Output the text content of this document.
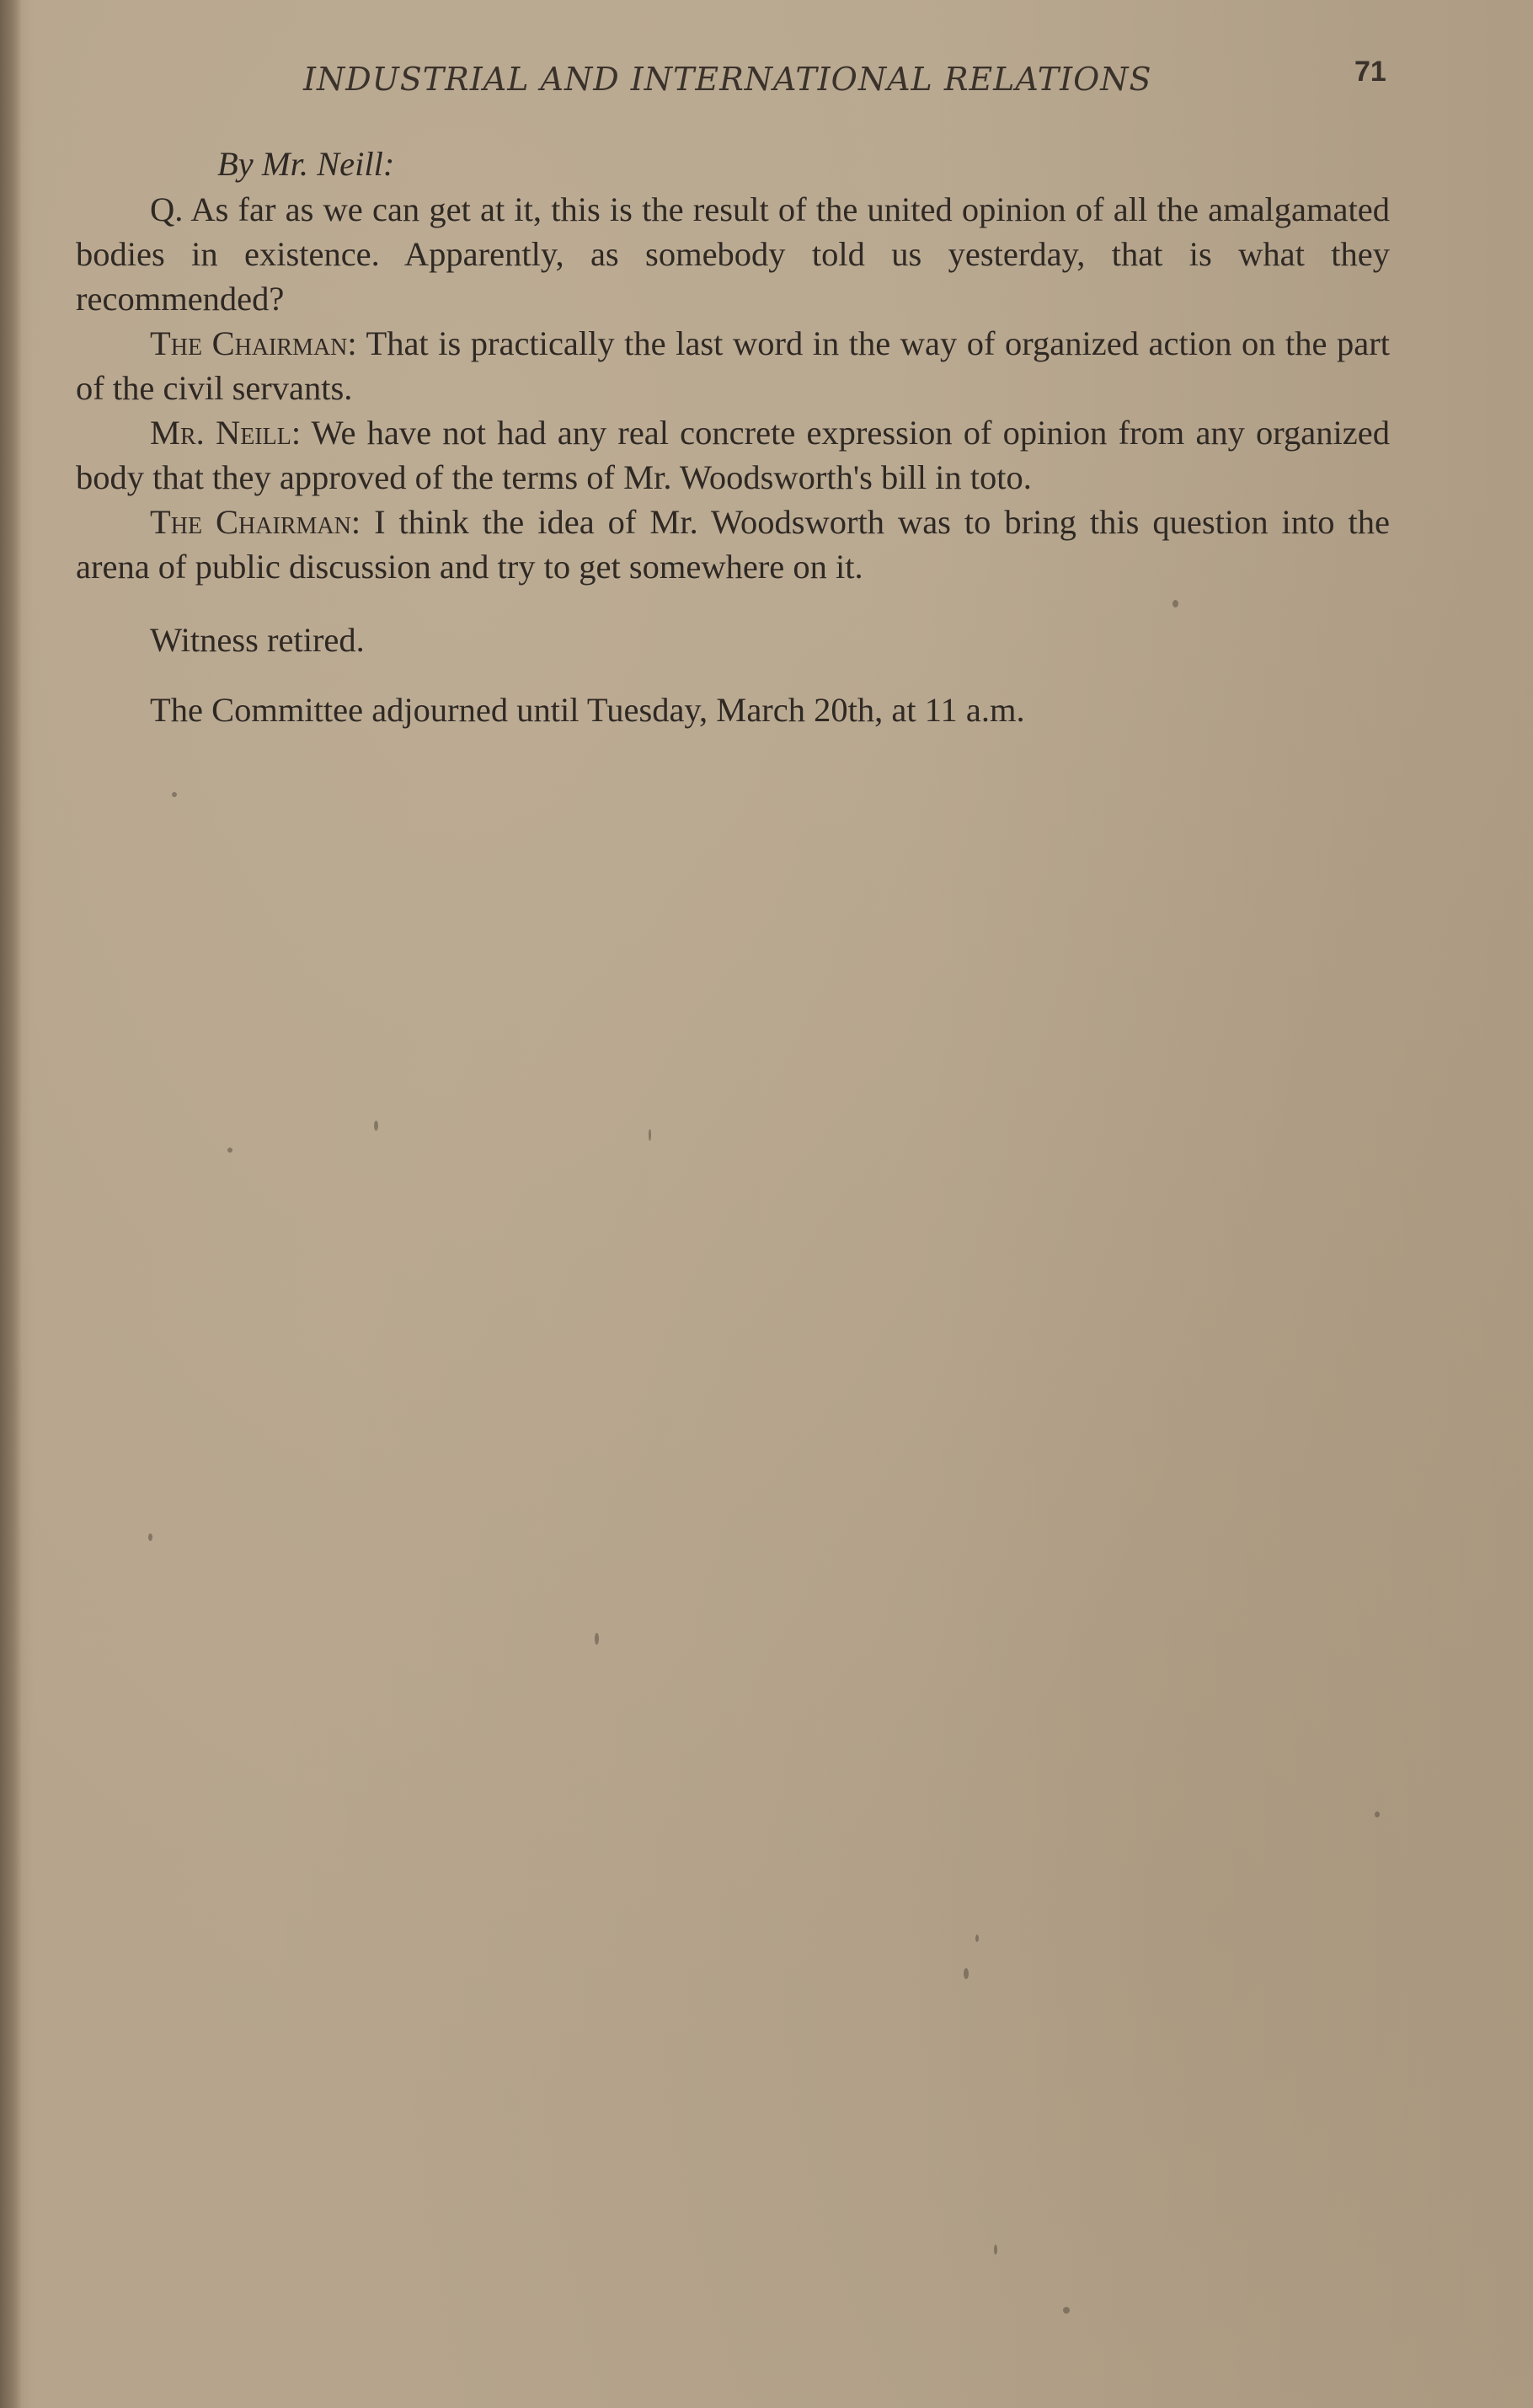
INDUSTRIAL AND INTERNATIONAL RELATIONS	71

By Mr. Neill:

Q. As far as we can get at it, this is the result of the united opinion of all the amalgamated bodies in existence. Apparently, as somebody told us yesterday, that is what they recommended?

The Chairman: That is practically the last word in the way of organized action on the part of the civil servants.

Mr. Neill: We have not had any real concrete expression of opinion from any organized body that they approved of the terms of Mr. Woodsworth's bill in toto.

The Chairman: I think the idea of Mr. Woodsworth was to bring this question into the arena of public discussion and try to get somewhere on it.

Witness retired.

The Committee adjourned until Tuesday, March 20th, at 11 a.m.
